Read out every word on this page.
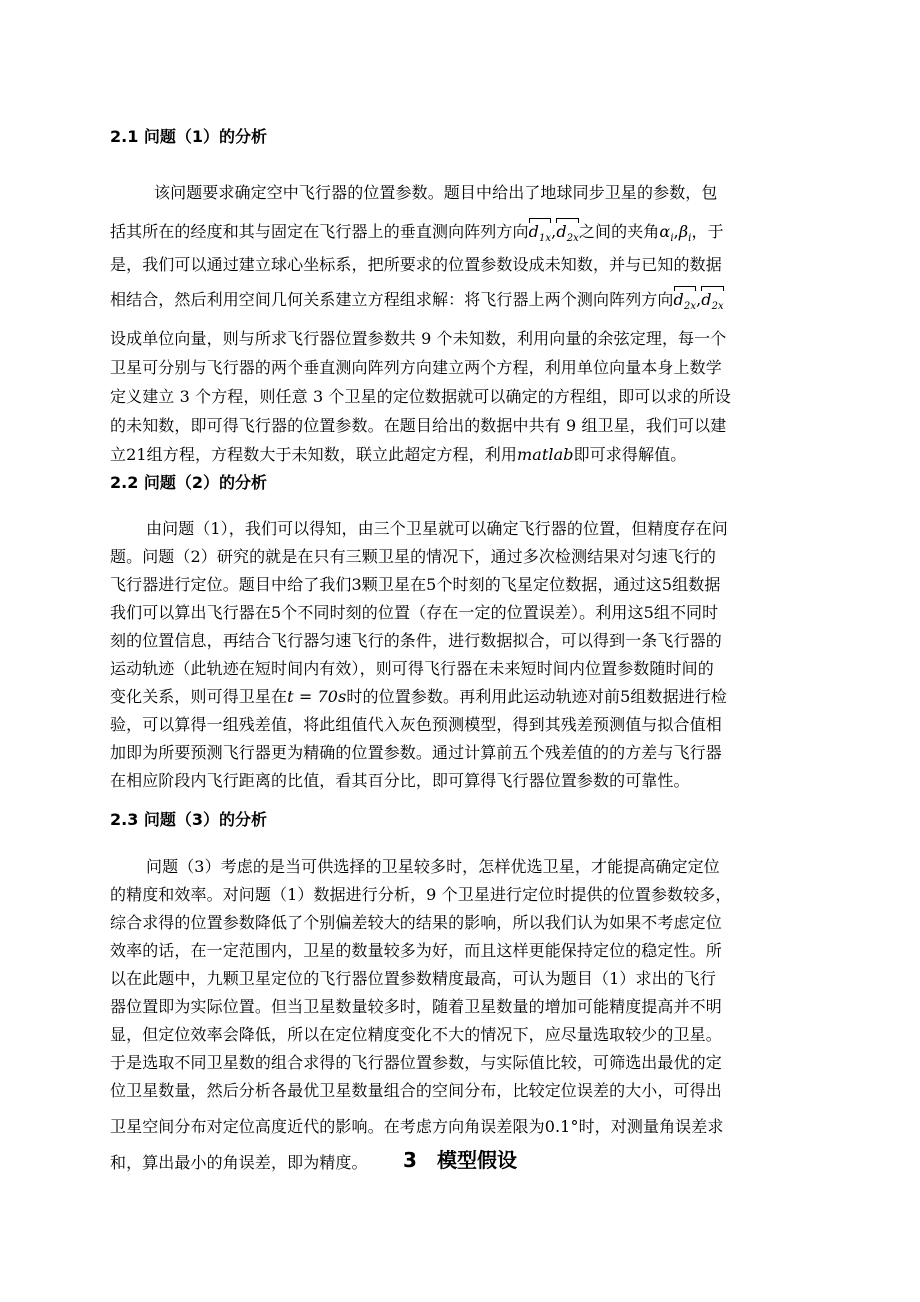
2.1 问题（1）的分析
该问题要求确定空中飞行器的位置参数。题目中给出了地球同步卫星的参数，包
括其所在的经度和其与固定在飞行器上的垂直测向阵列方向$d_{1x},d_{2x}$之间的夹角$\alpha_i,\beta_i$，于
是，我们可以通过建立球心坐标系，把所要求的位置参数设成未知数，并与已知的数据
相结合，然后利用空间几何关系建立方程组求解：将飞行器上两个测向阵列方向$d_{2x},d_{2x}$
设成单位向量，则与所求飞行器位置参数共 9 个未知数，利用向量的余弦定理，每一个
卫星可分别与飞行器的两个垂直测向阵列方向建立两个方程，利用单位向量本身上数学
定义建立 3 个方程，则任意 3 个卫星的定位数据就可以确定的方程组，即可以求的所设
的未知数，即可得飞行器的位置参数。在题目给出的数据中共有 9 组卫星，我们可以建
立21组方程，方程数大于未知数，联立此超定方程，利用matlab即可求得解值。
2.2 问题（2）的分析
由问题（1），我们可以得知，由三个卫星就可以确定飞行器的位置，但精度存在问
题。问题（2）研究的就是在只有三颗卫星的情况下，通过多次检测结果对匀速飞行的
飞行器进行定位。题目中给了我们3颗卫星在5个时刻的飞星定位数据，通过这5组数据
我们可以算出飞行器在5个不同时刻的位置（存在一定的位置误差）。利用这5组不同时
刻的位置信息，再结合飞行器匀速飞行的条件，进行数据拟合，可以得到一条飞行器的
运动轨迹（此轨迹在短时间内有效），则可得飞行器在未来短时间内位置参数随时间的
变化关系，则可得卫星在t = 70s时的位置参数。再利用此运动轨迹对前5组数据进行检
验，可以算得一组残差值，将此组值代入灰色预测模型，得到其残差预测值与拟合值相
加即为所要预测飞行器更为精确的位置参数。通过计算前五个残差值的的方差与飞行器
在相应阶段内飞行距离的比值，看其百分比，即可算得飞行器位置参数的可靠性。
2.3 问题（3）的分析
问题（3）考虑的是当可供选择的卫星较多时，怎样优选卫星，才能提高确定定位
的精度和效率。对问题（1）数据进行分析，9 个卫星进行定位时提供的位置参数较多，
综合求得的位置参数降低了个别偏差较大的结果的影响，所以我们认为如果不考虑定位
效率的话，在一定范围内，卫星的数量较多为好，而且这样更能保持定位的稳定性。所
以在此题中，九颗卫星定位的飞行器位置参数精度最高，可认为题目（1）求出的飞行
器位置即为实际位置。但当卫星数量较多时，随着卫星数量的增加可能精度提高并不明
显，但定位效率会降低，所以在定位精度变化不大的情况下，应尽量选取较少的卫星。
于是选取不同卫星数的组合求得的飞行器位置参数，与实际值比较，可筛选出最优的定
位卫星数量，然后分析各最优卫星数量组合的空间分布，比较定位误差的大小，可得出
卫星空间分布对定位高度近代的影响。在考虑方向角误差限为0.1°时，对测量角误差求
和，算出最小的角误差，即为精度。	3　模型假设
